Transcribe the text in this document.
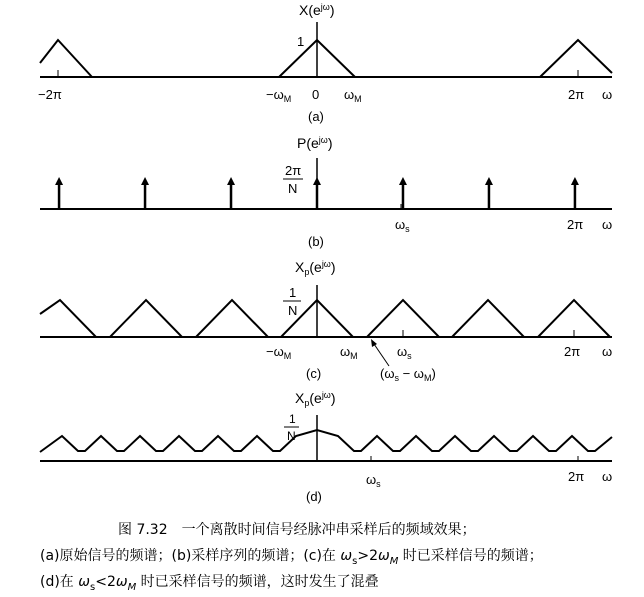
$X(e^{j\omega})$
1
−2π	$-\omega_M$ 0 $\omega_M$	2π ω
(a)
$P(e^{j\omega})$
2π
N
$\omega_s$	2π ω
(b)
$X_p(e^{j\omega})$
1
N
$-\omega_M$	$\omega_M$	$\omega_s$	2π ω
$(\omega_s - \omega_M)$
(c)
$X_p(e^{j\omega})$
1
N
$\omega_s$	2π ω
(d)
图 7.32　一个离散时间信号经脉冲串采样后的频域效果；
(a)原始信号的频谱；(b)采样序列的频谱；(c)在 $\omega_s>2\omega_M$ 时已采样信号的频谱；
(d)在 $\omega_s<2\omega_M$ 时已采样信号的频谱，这时发生了混叠
